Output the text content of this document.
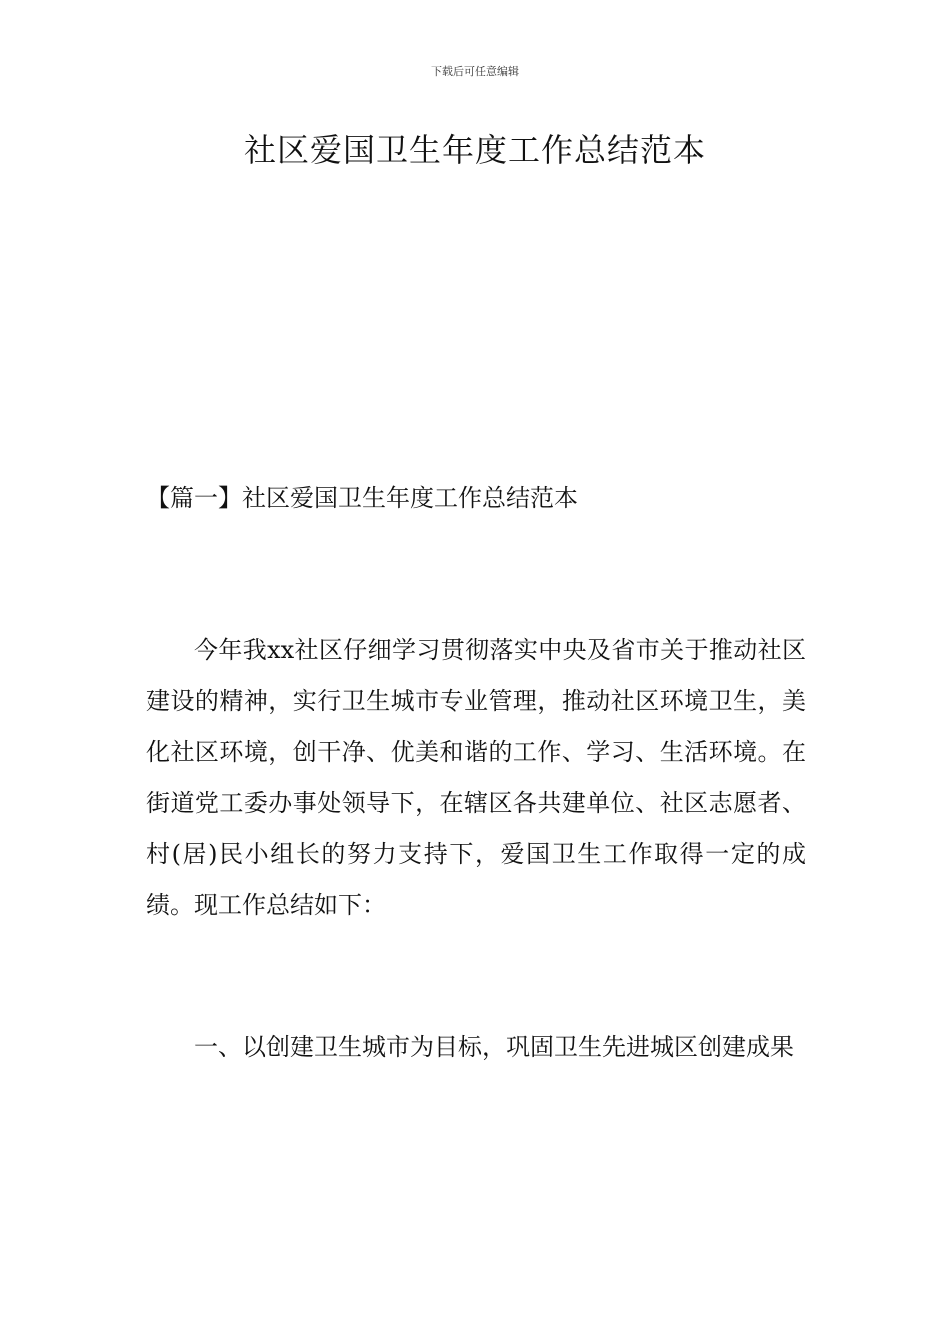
下载后可任意编辑
社区爱国卫生年度工作总结范本

【篇一】社区爱国卫生年度工作总结范本

今年我xx社区仔细学习贯彻落实中央及省市关于推动社区建设的精神，实行卫生城市专业管理，推动社区环境卫生，美化社区环境，创干净、优美和谐的工作、学习、生活环境。在街道党工委办事处领导下，在辖区各共建单位、社区志愿者、村(居)民小组长的努力支持下，爱国卫生工作取得一定的成绩。现工作总结如下：

一、以创建卫生城市为目标，巩固卫生先进城区创建成果
